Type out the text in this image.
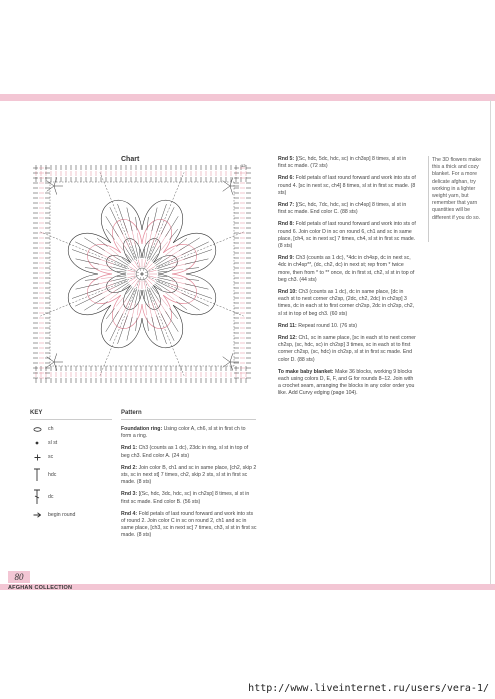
Chart
12
KEY
ch
sl st
sc
hdc
dc
begin round
Pattern

Foundation ring: Using color A, ch6, sl st in first ch to form a ring.

Rnd 1: Ch3 (counts as 1 dc), 23dc in ring, sl st in top of beg ch3. End color A. (24 sts)

Rnd 2: Join color B, ch1 and sc in same place, [ch2, skip 2 sts, sc in next st] 7 times, ch2, skip 2 sts, sl st in first sc made. (8 sts)

Rnd 3: [(Sc, hdc, 3dc, hdc, sc) in ch2sp] 8 times, sl st in first sc made. End color B. (56 sts)

Rnd 4: Fold petals of last round forward and work into sts of round 2. Join color C in sc on round 2, ch1 and sc in same place, [ch3, sc in next sc] 7 times, ch3, sl st in first sc made. (8 sts)

Rnd 5: [(Sc, hdc, 5dc, hdc, sc) in ch3sp] 8 times, sl st in first sc made. (72 sts)

Rnd 6: Fold petals of last round forward and work into sts of round 4. [sc in next sc, ch4] 8 times, sl st in first sc made. (8 sts)

Rnd 7: [(Sc, hdc, 7dc, hdc, sc) in ch4sp] 8 times, sl st in first sc made. End color C. (88 sts)

Rnd 8: Fold petals of last round forward and work into sts of round 6. Join color D in sc on round 6, ch1 and sc in same place, [ch4, sc in next sc] 7 times, ch4, sl st in first sc made. (8 sts)

Rnd 9: Ch3 (counts as 1 dc), *4dc in ch4sp, dc in next sc, 4dc in ch4sp**, (dc, ch2, dc) in next st; rep from * twice more, then from * to ** once, dc in first st, ch2, sl st in top of beg ch3. (44 sts)

Rnd 10: Ch3 (counts as 1 dc), dc in same place, [dc in each st to next corner ch2sp, (2dc, ch2, 2dc) in ch2sp] 3 times, dc in each st to first corner ch2sp, 2dc in ch2sp, ch2, sl st in top of beg ch3. (60 sts)

Rnd 11: Repeat round 10. (76 sts)

Rnd 12: Ch1, sc in same place, [sc in each st to next corner ch2sp, (sc, hdc, sc) in ch2sp] 3 times, sc in each st to first corner ch2sp, (sc, hdc) in ch2sp, sl st in first sc made. End color D. (88 sts)

To make baby blanket: Make 36 blocks, working 9 blocks each using colors D, E, F, and G for rounds 8–12. Join with a crochet seam, arranging the blocks in any color order you like. Add Curvy edging (page 104).

The 3D flowers make this a thick and cozy blanket. For a more delicate afghan, try working in a lighter weight yarn, but remember that yarn quantities will be different if you do so.
80
AFGHAN COLLECTION
http://www.liveinternet.ru/users/vera-1/
